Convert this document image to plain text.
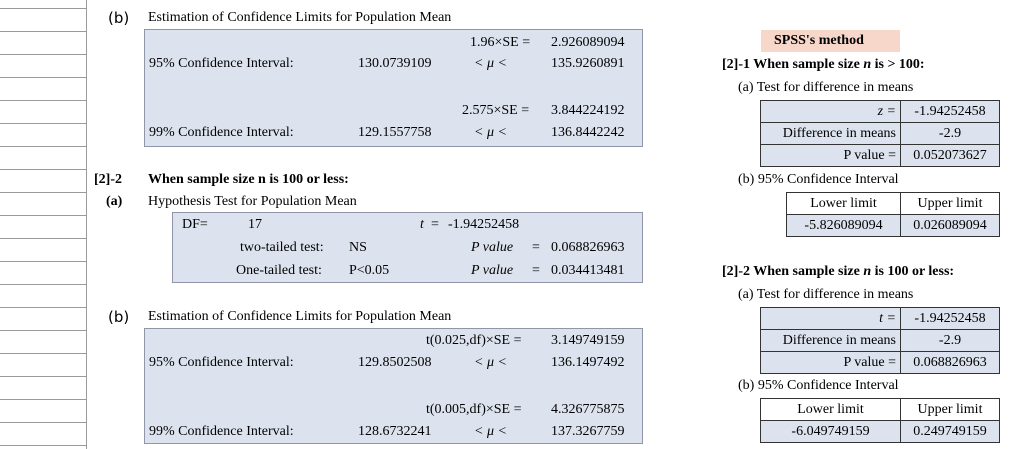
(b) Estimation of Confidence Limits for Population Mean
1.96×SE = 2.926089094
95% Confidence Interval:	130.0739109	< μ <	135.9260891
2.575×SE = 3.844224192
99% Confidence Interval:	129.1557758	< μ <	136.8442242
[2]-2 When sample size n is 100 or less:
(a) Hypothesis Test for Population Mean
DF=	17	t = -1.94252458
two-tailed test: NS	P value = 0.068826963
One-tailed test: P<0.05	P value = 0.034413481
(b) Estimation of Confidence Limits for Population Mean
t(0.025,df)×SE = 3.149749159
95% Confidence Interval:	129.8502508	< μ <	136.1497492
t(0.005,df)×SE = 4.326775875
99% Confidence Interval:	128.6732241	< μ <	137.3267759
SPSS's method
[2]-1 When sample size n is > 100:
(a) Test for difference in means
z =	-1.94252458
Difference in means	-2.9
P value =	0.052073627
(b) 95% Confidence Interval
Lower limit	Upper limit
-5.826089094	0.026089094
[2]-2 When sample size n is 100 or less:
(a) Test for difference in means
t =	-1.94252458
Difference in means	-2.9
P value =	0.068826963
(b) 95% Confidence Interval
Lower limit	Upper limit
-6.049749159	0.249749159
